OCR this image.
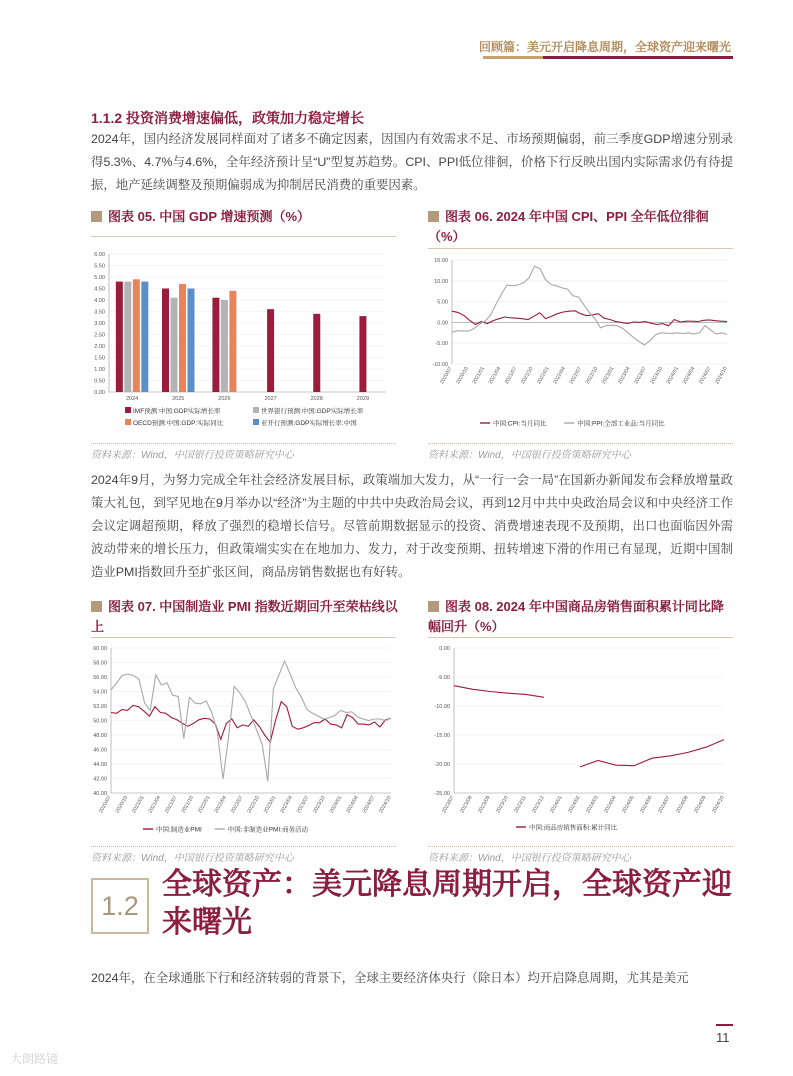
回顾篇：美元开启降息周期，全球资产迎来曙光
1.1.2 投资消费增速偏低，政策加力稳定增长
2024年，国内经济发展同样面对了诸多不确定因素，因国内有效需求不足、市场预期偏弱，前三季度GDP增速分别录得5.3%、4.7%与4.6%，全年经济预计呈“U”型复苏趋势。CPI、PPI低位徘徊，价格下行反映出国内实际需求仍有待提振，地产延续调整及预期偏弱成为抑制居民消费的重要因素。
图表 05. 中国 GDP 增速预测（%）
0.00
0.50
1.00
1.50
2.00
2.50
3.00
3.50
4.00
4.50
5.00
5.50
6.00
2024	2025	2026	2027	2028	2029
IMF预测:中国:GDP实际增长率	世界银行预测:中国:GDP实际增长率
OECD预测:中国:GDP:实际同比	亚开行预测:GDP实际增长率:中国
资料来源：Wind，中国银行投资策略研究中心
图表 06. 2024 年中国 CPI、PPI 全年低位徘徊（%）
-10.00
-5.00
0.00
5.00
10.00
15.00
2020/07 2020/10 2021/01 2021/04 2021/07 2021/10 2022/01 2022/04 2022/07 2022/10 2023/01 2023/04 2023/07 2023/10 2024/01 2024/04 2024/07 2024/10
中国:CPI:当月同比	中国:PPI:全部工业品:当月同比
资料来源：Wind，中国银行投资策略研究中心
2024年9月，为努力完成全年社会经济发展目标，政策端加大发力，从“一行一会一局”在国新办新闻发布会释放增量政策大礼包，到罕见地在9月举办以“经济”为主题的中共中央政治局会议，再到12月中共中央政治局会议和中央经济工作会议定调超预期，释放了强烈的稳增长信号。尽管前期数据显示的投资、消费增速表现不及预期，出口也面临因外需波动带来的增长压力，但政策端实实在在地加力、发力，对于改变预期、扭转增速下滑的作用已有显现，近期中国制造业PMI指数回升至扩张区间，商品房销售数据也有好转。
图表 07. 中国制造业 PMI 指数近期回升至荣枯线以上
40.00
42.00
44.00
46.00
48.00
50.00
52.00
54.00
56.00
58.00
60.00
2020/07 2020/10 2021/01 2021/04 2021/07 2021/10 2022/01 2022/04 2022/07 2022/10 2023/01 2023/04 2023/07 2023/10 2024/01 2024/04 2024/07 2024/10
中国:制造业PMI	中国:非制造业PMI:商务活动
资料来源：Wind，中国银行投资策略研究中心
图表 08. 2024 年中国商品房销售面积累计同比降幅回升（%）
-25.00
-20.00
-15.00
-10.00
-5.00
0.00
2023/07 2023/08 2023/09 2023/10 2023/11 2023/12 2024/01 2024/02 2024/03 2024/04 2024/05 2024/06 2024/07 2024/08 2024/09 2024/10
中国:商品房销售面积:累计同比
资料来源：Wind，中国银行投资策略研究中心
1.2
全球资产：美元降息周期开启，全球资产迎来曙光
2024年，在全球通胀下行和经济转弱的背景下，全球主要经济体央行（除日本）均开启降息周期，尤其是美元
11
大朗路镜
